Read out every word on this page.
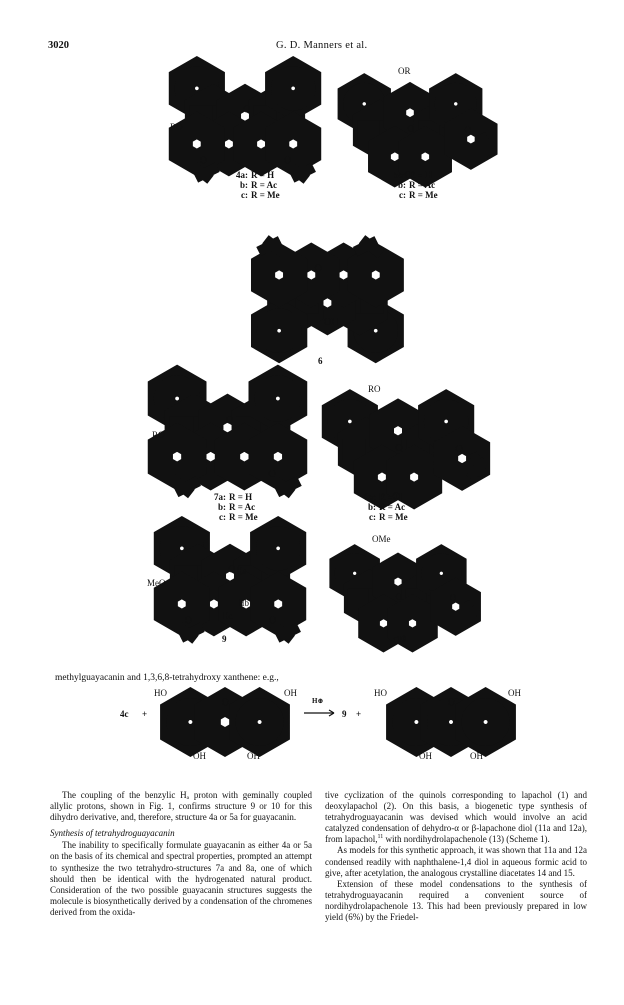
3020	G. D. Manners et al.
RO
4a: R = H
b: R = Ac
c: R = Me
OR
5a: R = H
b: R = Ac
c: R = Me
6
RO
7a: R = H
b: R = Ac
c: R = Me
RO
8a: R = H
b: R = Ac
c: R = Me
MeO
Ha
Hb
Hc
9
OMe
10
methylguayacanin and 1,3,6,8-tetrahydroxy xanthene: e.g.,
4c +
HO	OH
OH	OH
H⊕
9 +
HO	OH
OH	OH

The coupling of the benzylic Hₐ proton with geminally coupled allylic protons, shown in Fig. 1, confirms structure 9 or 10 for this dihydro derivative, and, therefore, structure 4a or 5a for guayacanin.

Synthesis of tetrahydroguayacanin

The inability to specifically formulate guayacanin as either 4a or 5a on the basis of its chemical and spectral properties, prompted an attempt to synthesize the two tetrahydro-structures 7a and 8a, one of which should then be identical with the hydrogenated natural product. Consideration of the two possible guayacanin structures suggests the molecule is biosynthetically derived by a condensation of the chromenes derived from the oxida-

tive cyclization of the quinols corresponding to lapachol (1) and deoxylapachol (2). On this basis, a biogenetic type synthesis of tetrahydroguayacanin was devised which would involve an acid catalyzed condensation of dehydro-α or β-lapachone diol (11a and 12a), from lapachol,$^{11}$ with nordihydrolapachenole (13) (Scheme 1).

As models for this synthetic approach, it was shown that 11a and 12a condensed readily with naphthalene-1,4 diol in aqueous formic acid to give, after acetylation, the analogous crystalline diacetates 14 and 15.

Extension of these model condensations to the synthesis of tetrahydroguayacanin required a convenient source of nordihydrolapachenole 13. This had been previously prepared in low yield (6%) by the Friedel-
